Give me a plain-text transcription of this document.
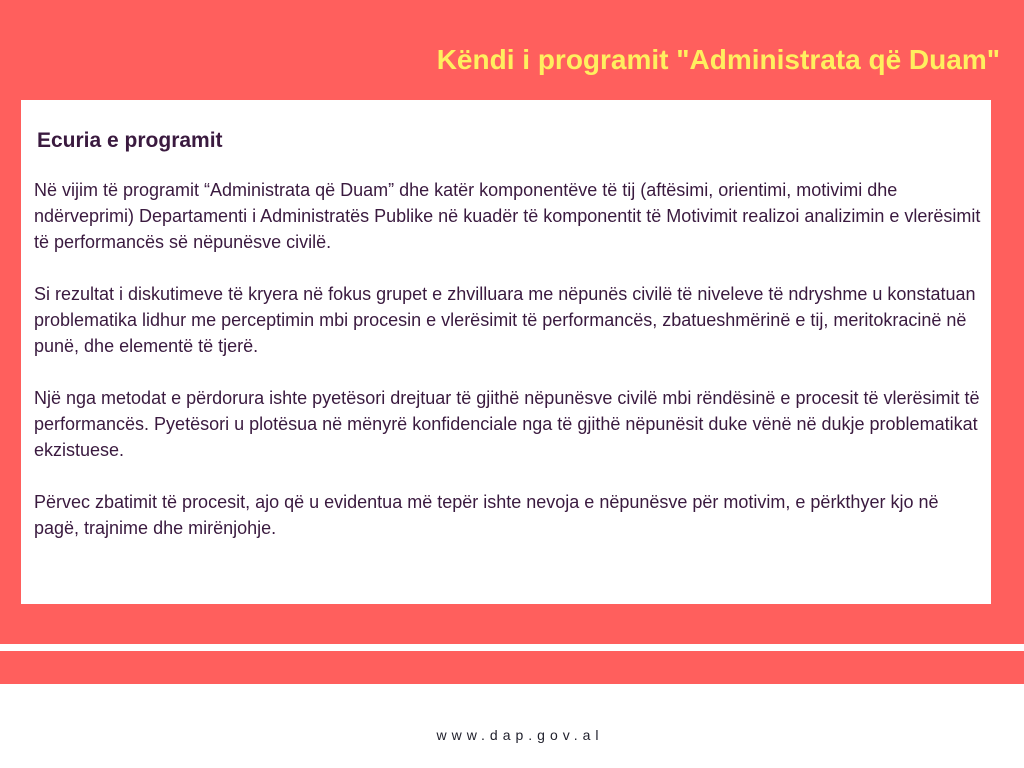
Këndi i programit "Administrata që Duam"
Ecuria e programit

Në vijim të programit “Administrata që Duam” dhe katër komponentëve të tij (aftësimi, orientimi, motivimi dhe ndërveprimi) Departamenti i Administratës Publike në kuadër të komponentit të Motivimit realizoi analizimin e vlerësimit të performancës së nëpunësve civilë.

Si rezultat i diskutimeve të kryera në fokus grupet e zhvilluara me nëpunës civilë të niveleve të ndryshme u konstatuan problematika lidhur me perceptimin mbi procesin e vlerësimit të performancës, zbatueshmërinë e tij, meritokracinë në punë, dhe elementë të tjerë.

Një nga metodat e përdorura ishte pyetësori drejtuar të gjithë nëpunësve civilë mbi rëndësinë e procesit të vlerësimit të performancës. Pyetësori u plotësua në mënyrë konfidenciale nga të gjithë nëpunësit duke vënë në dukje problematikat ekzistuese.

Përvec zbatimit të procesit, ajo që u evidentua më tepër ishte nevoja e nëpunësve për motivim, e përkthyer kjo në pagë, trajnime dhe mirënjohje.

www.dap.gov.al
